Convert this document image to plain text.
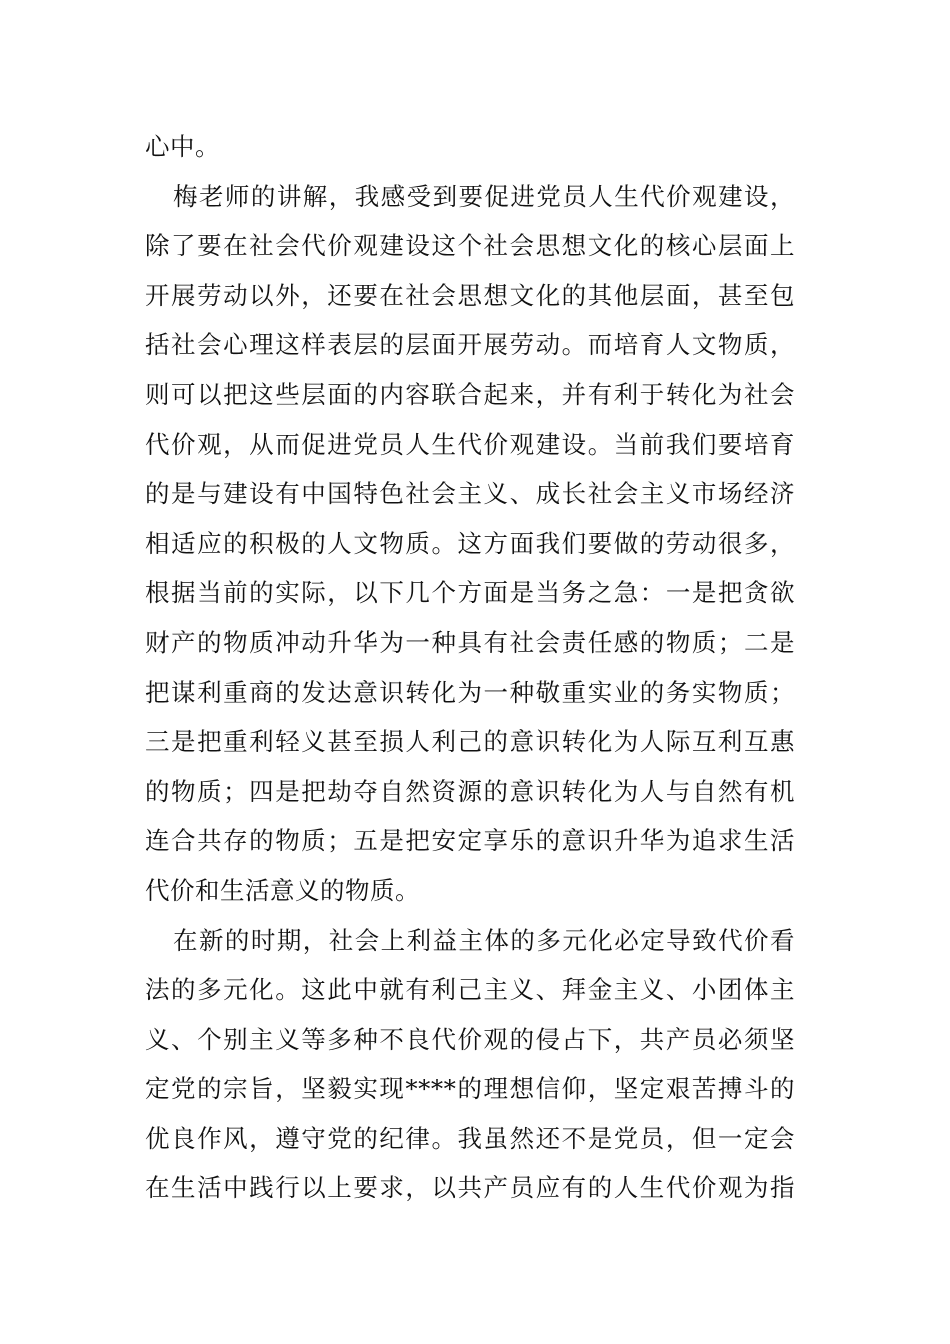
心中。
梅老师的讲解，我感受到要促进党员人生代价观建设，
除了要在社会代价观建设这个社会思想文化的核心层面上
开展劳动以外，还要在社会思想文化的其他层面，甚至包
括社会心理这样表层的层面开展劳动。而培育人文物质，
则可以把这些层面的内容联合起来，并有利于转化为社会
代价观，从而促进党员人生代价观建设。当前我们要培育
的是与建设有中国特色社会主义、成长社会主义市场经济
相适应的积极的人文物质。这方面我们要做的劳动很多，
根据当前的实际，以下几个方面是当务之急：一是把贪欲
财产的物质冲动升华为一种具有社会责任感的物质；二是
把谋利重商的发达意识转化为一种敬重实业的务实物质；
三是把重利轻义甚至损人利己的意识转化为人际互利互惠
的物质；四是把劫夺自然资源的意识转化为人与自然有机
连合共存的物质；五是把安定享乐的意识升华为追求生活
代价和生活意义的物质。
在新的时期，社会上利益主体的多元化必定导致代价看
法的多元化。这此中就有利己主义、拜金主义、小团体主
义、个别主义等多种不良代价观的侵占下，共产员必须坚
定党的宗旨，坚毅实现****的理想信仰，坚定艰苦搏斗的
优良作风，遵守党的纪律。我虽然还不是党员，但一定会
在生活中践行以上要求，以共产员应有的人生代价观为指
